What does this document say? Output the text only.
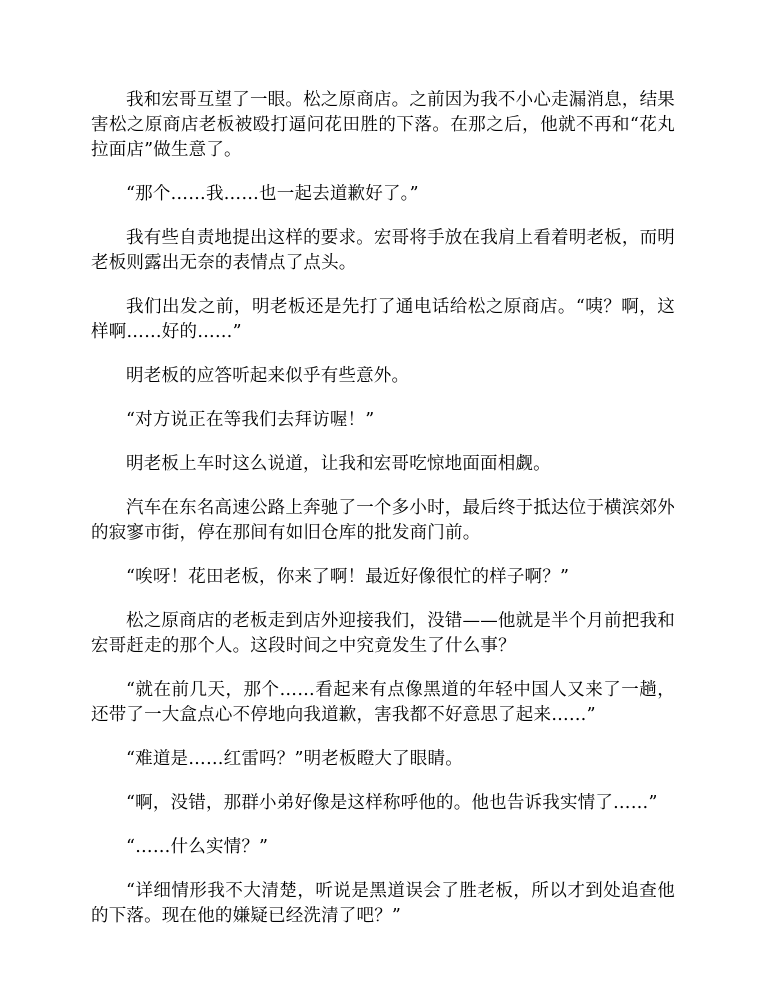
我和宏哥互望了一眼。松之原商店。之前因为我不小心走漏消息，结果害松之原商店老板被殴打逼问花田胜的下落。在那之后，他就不再和“花丸拉面店”做生意了。

“那个……我……也一起去道歉好了。”

我有些自责地提出这样的要求。宏哥将手放在我肩上看着明老板，而明老板则露出无奈的表情点了点头。

我们出发之前，明老板还是先打了通电话给松之原商店。“咦？啊，这样啊……好的……”

明老板的应答听起来似乎有些意外。

“对方说正在等我们去拜访喔！”

明老板上车时这么说道，让我和宏哥吃惊地面面相觑。

汽车在东名高速公路上奔驰了一个多小时，最后终于抵达位于横滨郊外的寂寥市街，停在那间有如旧仓库的批发商门前。

“唉呀！花田老板，你来了啊！最近好像很忙的样子啊？”

松之原商店的老板走到店外迎接我们，没错——他就是半个月前把我和宏哥赶走的那个人。这段时间之中究竟发生了什么事？

“就在前几天，那个……看起来有点像黑道的年轻中国人又来了一趟，还带了一大盒点心不停地向我道歉，害我都不好意思了起来……”

“难道是……红雷吗？”明老板瞪大了眼睛。

“啊，没错，那群小弟好像是这样称呼他的。他也告诉我实情了……”

“……什么实情？”

“详细情形我不大清楚，听说是黑道误会了胜老板，所以才到处追查他的下落。现在他的嫌疑已经洗清了吧？”
